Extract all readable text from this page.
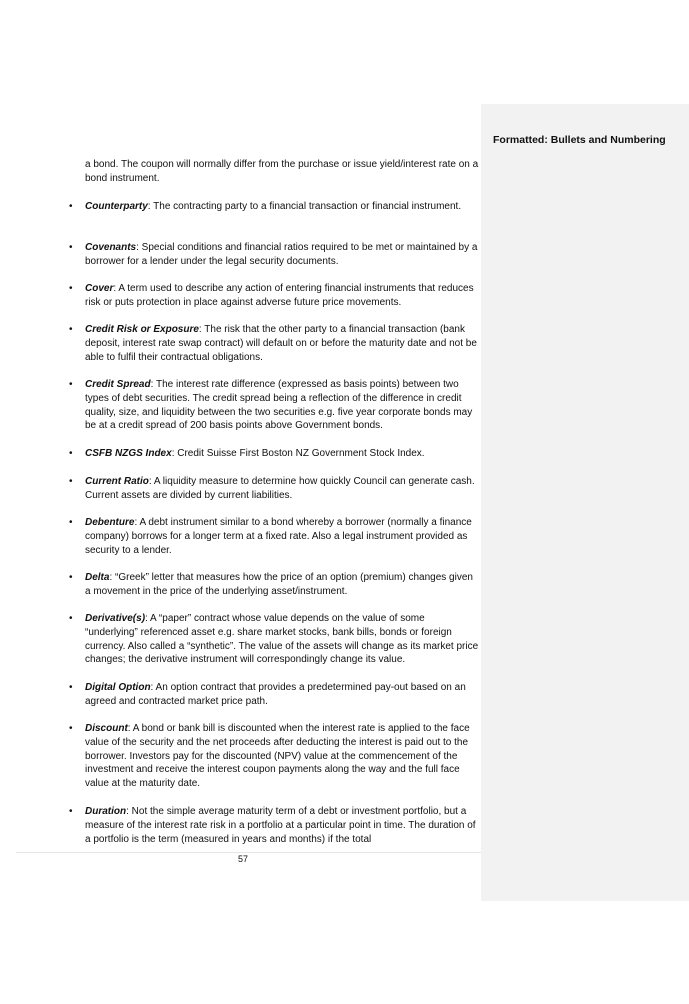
a bond. The coupon will normally differ from the purchase or issue yield/interest rate on a bond instrument.
•	Counterparty: The contracting party to a financial transaction or financial instrument.
•	Covenants: Special conditions and financial ratios required to be met or maintained by a borrower for a lender under the legal security documents.
•	Cover: A term used to describe any action of entering financial instruments that reduces risk or puts protection in place against adverse future price movements.
•	Credit Risk or Exposure: The risk that the other party to a financial transaction (bank deposit, interest rate swap contract) will default on or before the maturity date and not be able to fulfil their contractual obligations.
•	Credit Spread: The interest rate difference (expressed as basis points) between two types of debt securities. The credit spread being a reflection of the difference in credit quality, size, and liquidity between the two securities e.g. five year corporate bonds may be at a credit spread of 200 basis points above Government bonds.
•	CSFB NZGS Index: Credit Suisse First Boston NZ Government Stock Index.
•	Current Ratio: A liquidity measure to determine how quickly Council can generate cash. Current assets are divided by current liabilities.
•	Debenture: A debt instrument similar to a bond whereby a borrower (normally a finance company) borrows for a longer term at a fixed rate. Also a legal instrument provided as security to a lender.
•	Delta: “Greek” letter that measures how the price of an option (premium) changes given a movement in the price of the underlying asset/instrument.
•	Derivative(s): A “paper” contract whose value depends on the value of some “underlying” referenced asset e.g. share market stocks, bank bills, bonds or foreign currency. Also called a “synthetic”. The value of the assets will change as its market price changes; the derivative instrument will correspondingly change its value.
•	Digital Option: An option contract that provides a predetermined pay-out based on an agreed and contracted market price path.
•	Discount: A bond or bank bill is discounted when the interest rate is applied to the face value of the security and the net proceeds after deducting the interest is paid out to the borrower. Investors pay for the discounted (NPV) value at the commencement of the investment and receive the interest coupon payments along the way and the full face value at the maturity date.
•	Duration: Not the simple average maturity term of a debt or investment portfolio, but a measure of the interest rate risk in a portfolio at a particular point in time. The duration of a portfolio is the term (measured in years and months) if the total
57
Formatted: Bullets and Numbering
